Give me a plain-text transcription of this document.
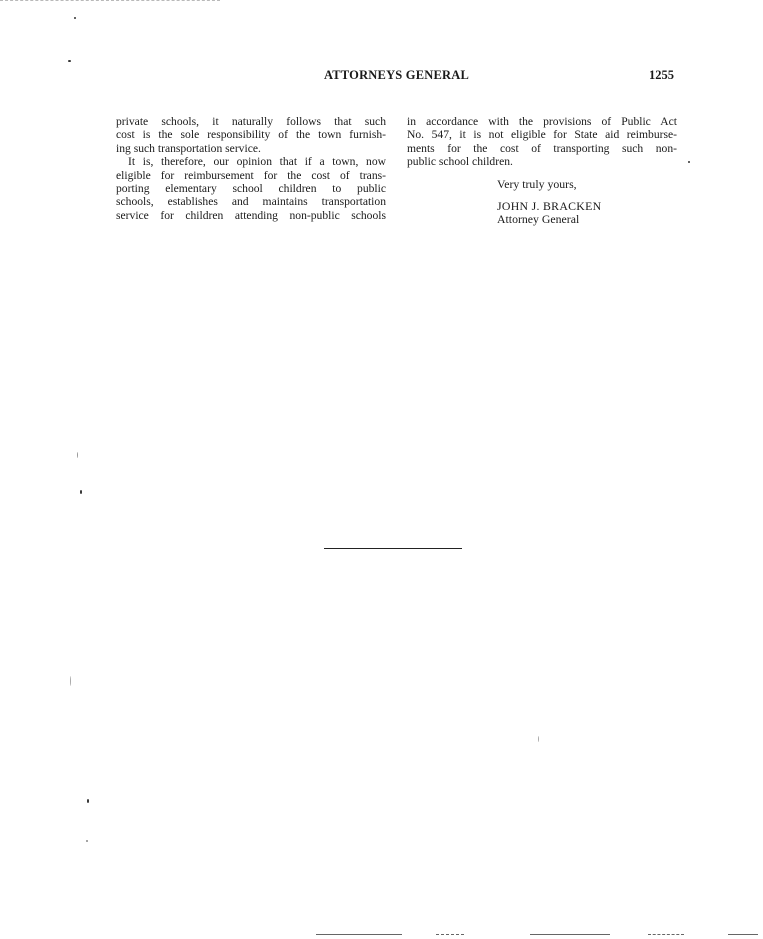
ATTORNEYS GENERAL	1255
private schools, it naturally follows that such
cost is the sole responsibility of the town furnish-
ing such transportation service.
It is, therefore, our opinion that if a town, now
eligible for reimbursement for the cost of trans-
porting elementary school children to public
schools, establishes and maintains transportation
service for children attending non-public schools
in accordance with the provisions of Public Act
No. 547, it is not eligible for State aid reimburse-
ments for the cost of transporting such non-
public school children.
Very truly yours,
JOHN J. BRACKEN
Attorney General
